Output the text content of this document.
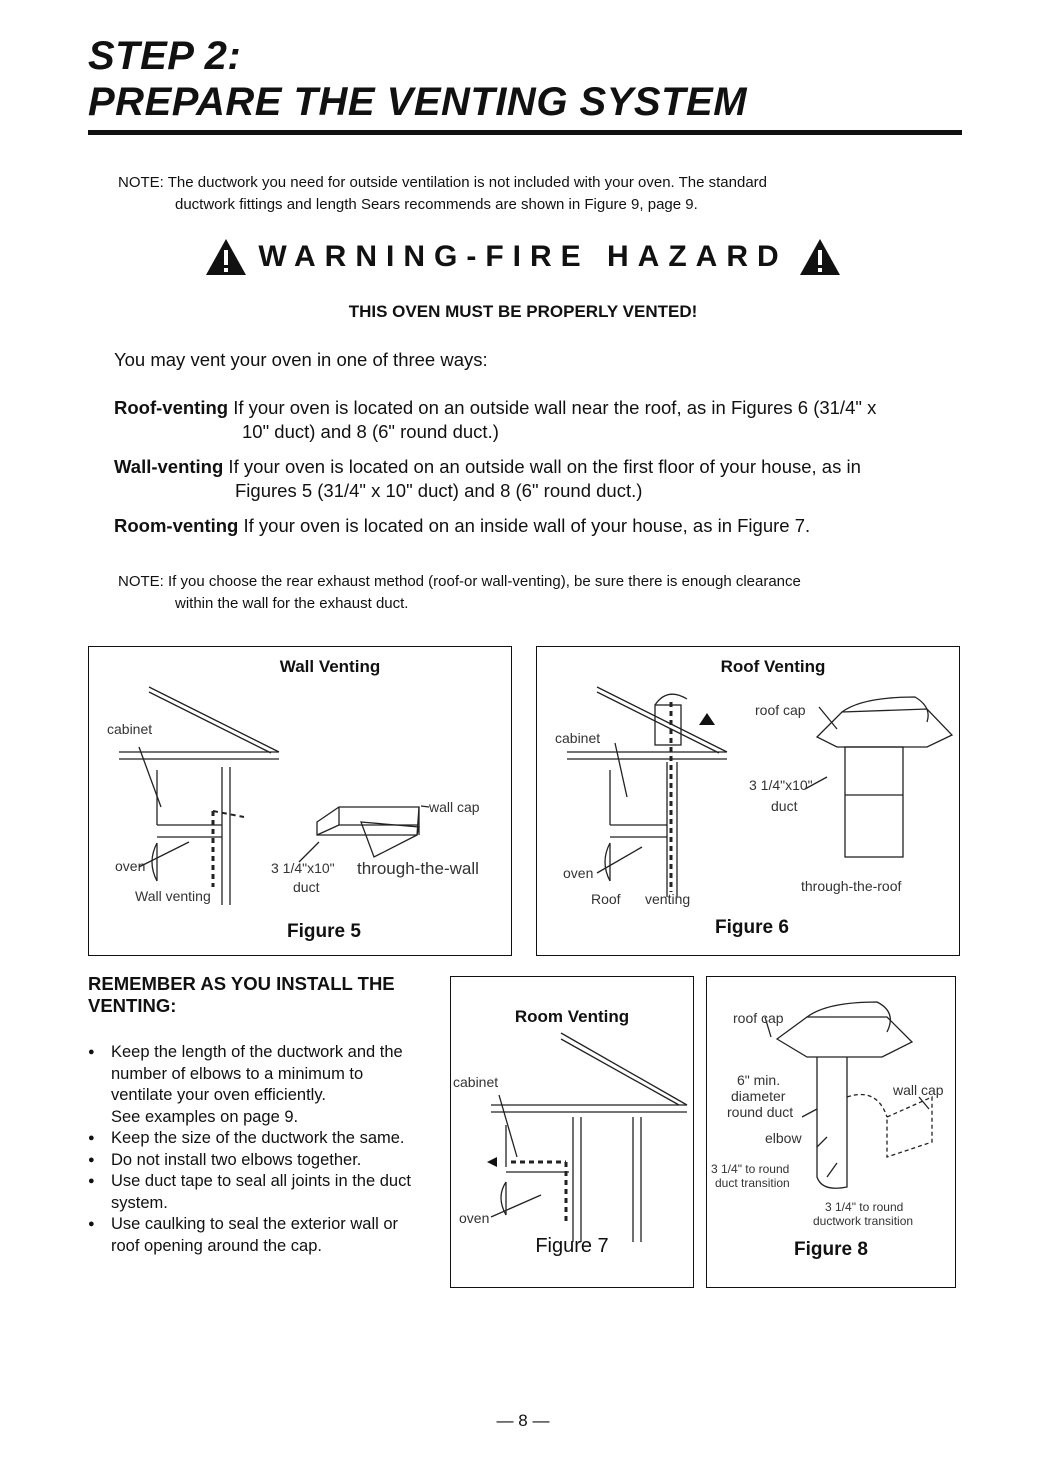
STEP 2:
PREPARE THE VENTING SYSTEM
NOTE: The ductwork you need for outside ventilation is not included with your oven. The standard
ductwork fittings and length Sears recommends are shown in Figure 9, page 9.
WARNING-FIRE HAZARD
THIS OVEN MUST BE PROPERLY VENTED!
You may vent your oven in one of three ways:
Roof-venting If your oven is located on an outside wall near the roof, as in Figures 6 (31/4" x
10" duct) and 8 (6" round duct.)
Wall-venting If your oven is located on an outside wall on the first floor of your house, as in
Figures 5 (31/4" x 10" duct) and 8 (6" round duct.)
Room-venting If your oven is located on an inside wall of your house, as in Figure 7.
NOTE: If you choose the rear exhaust method (roof-or wall-venting), be sure there is enough clearance
within the wall for the exhaust duct.
Wall Venting
cabinet
oven
Wall venting
wall cap
3 1/4"x10"
duct
through-the-wall
Figure 5
Roof Venting
cabinet
oven
Roof venting
roof cap
3 1/4"x10"
duct
through-the-roof
Figure 6
REMEMBER AS YOU INSTALL THE
VENTING:
● Keep the length of the ductwork and the
number of elbows to a minimum to
ventilate your oven efficiently.
See examples on page 9.
● Keep the size of the ductwork the same.
● Do not install two elbows together.
● Use duct tape to seal all joints in the duct
system.
● Use caulking to seal the exterior wall or
roof opening around the cap.
Room Venting
cabinet
oven
Figure 7
roof cap
6" min.
diameter
round duct
wall cap
elbow
3 1/4" to round
duct transition
3 1/4" to round
ductwork transition
Figure 8
— 8 —
